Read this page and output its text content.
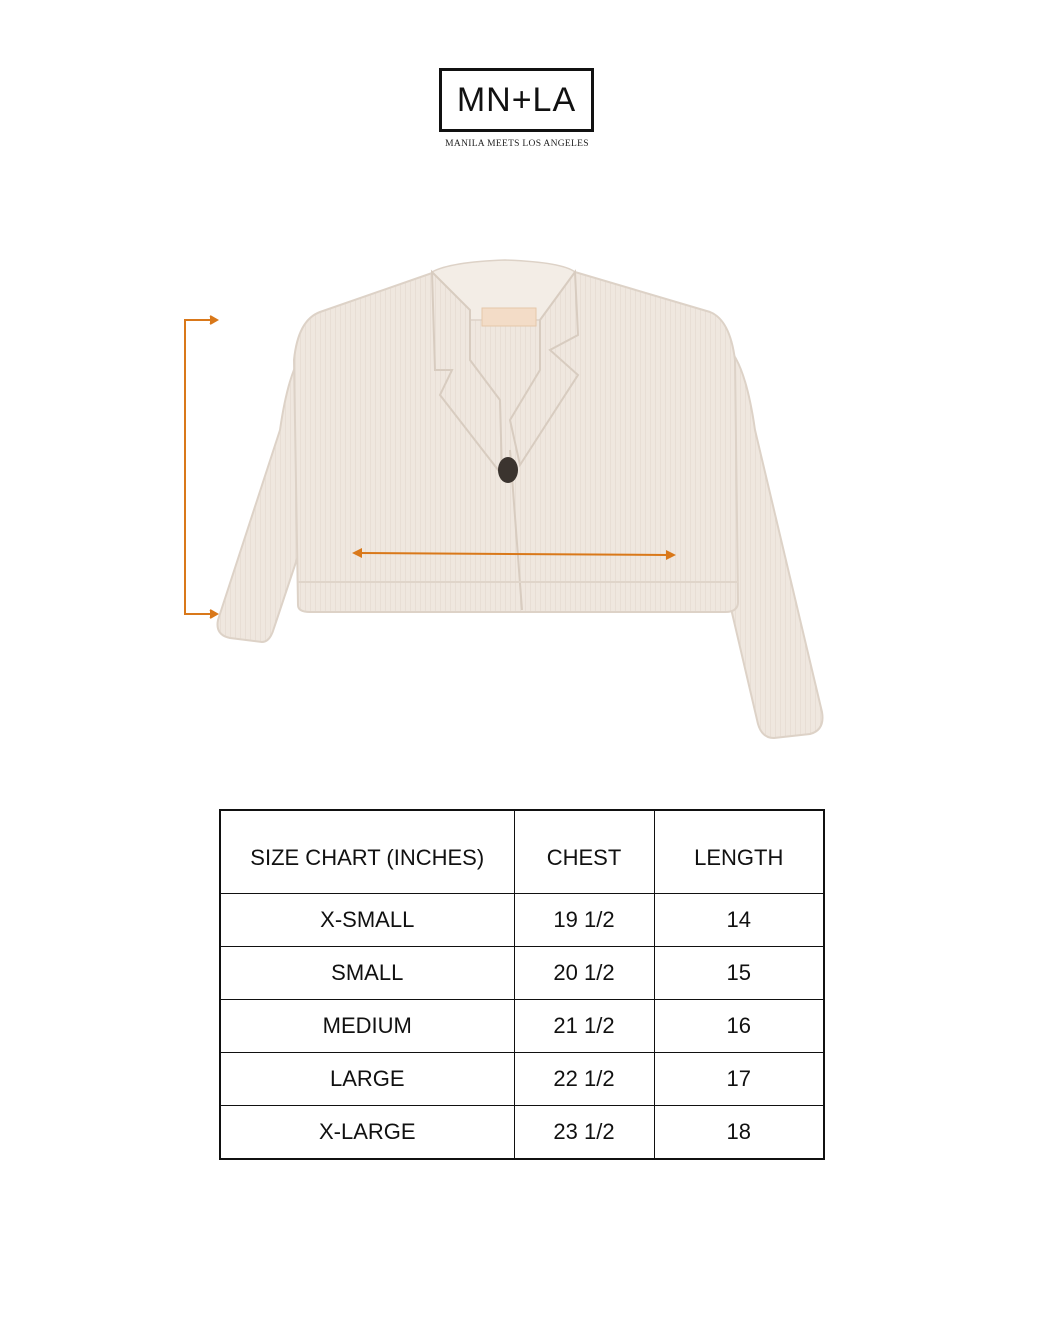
MN+LA
MANILA MEETS LOS ANGELES
SIZE CHART (INCHES)	CHEST	LENGTH
X-SMALL	19 1/2	14
SMALL	20 1/2	15
MEDIUM	21 1/2	16
LARGE	22 1/2	17
X-LARGE	23 1/2	18
